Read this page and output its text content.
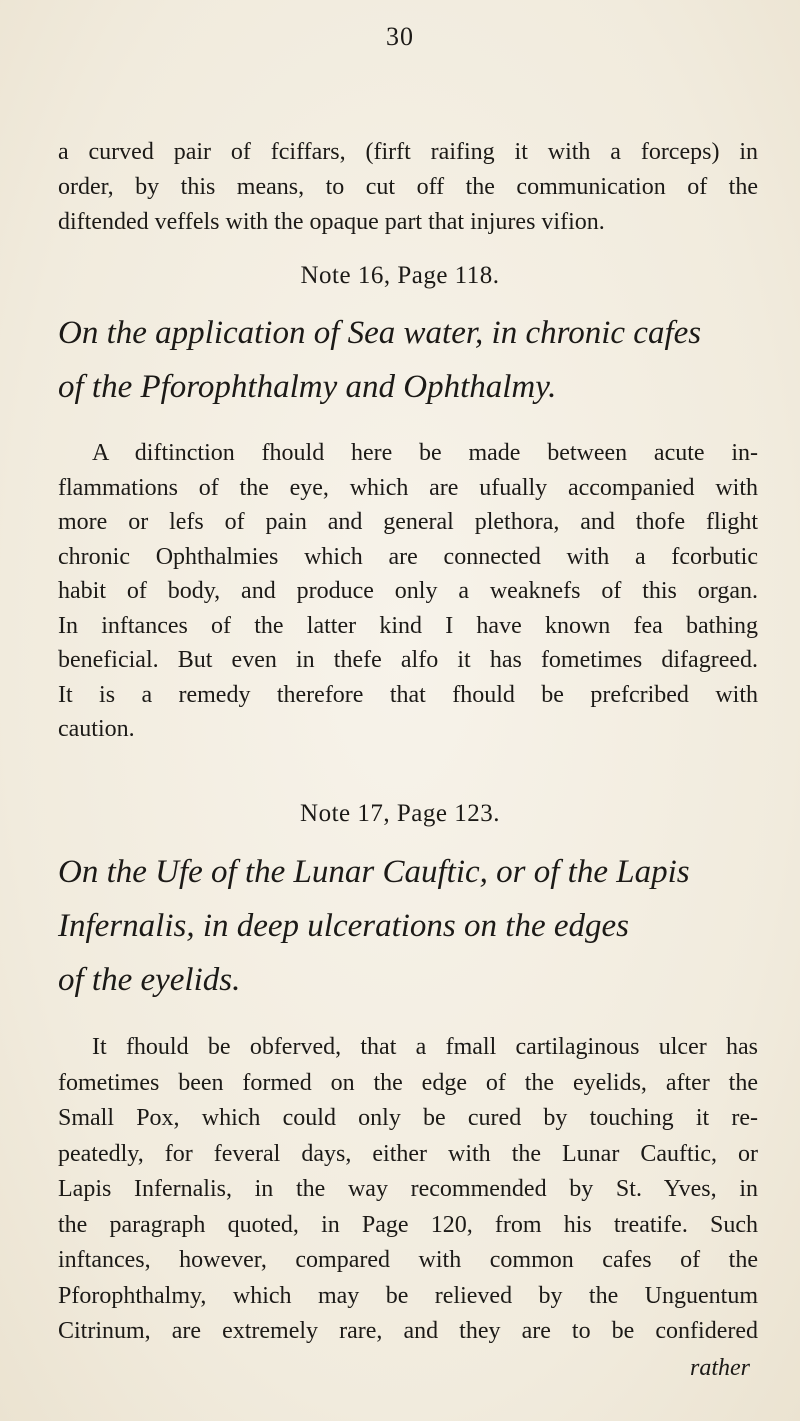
30
a curved pair of fciffars, (firft raifing it with a forceps) in
order, by this means, to cut off the communication of the
diftended veffels with the opaque part that injures vifion.
Note 16, Page 118.
On the application of Sea water, in chronic cafes
of the Pforophthalmy and Ophthalmy.
A diftinction fhould here be made between acute in-
flammations of the eye, which are ufually accompanied with
more or lefs of pain and general plethora, and thofe flight
chronic Ophthalmies which are connected with a fcorbutic
habit of body, and produce only a weaknefs of this organ.
In inftances of the latter kind I have known fea bathing
beneficial. But even in thefe alfo it has fometimes difagreed.
It is a remedy therefore that fhould be prefcribed with
caution.
Note 17, Page 123.
On the Ufe of the Lunar Cauftic, or of the Lapis
Infernalis, in deep ulcerations on the edges
of the eyelids.
It fhould be obferved, that a fmall cartilaginous ulcer has
fometimes been formed on the edge of the eyelids, after the
Small Pox, which could only be cured by touching it re-
peatedly, for feveral days, either with the Lunar Cauftic, or
Lapis Infernalis, in the way recommended by St. Yves, in
the paragraph quoted, in Page 120, from his treatife. Such
inftances, however, compared with common cafes of the
Pforophthalmy, which may be relieved by the Unguentum
Citrinum, are extremely rare, and they are to be confidered
rather
